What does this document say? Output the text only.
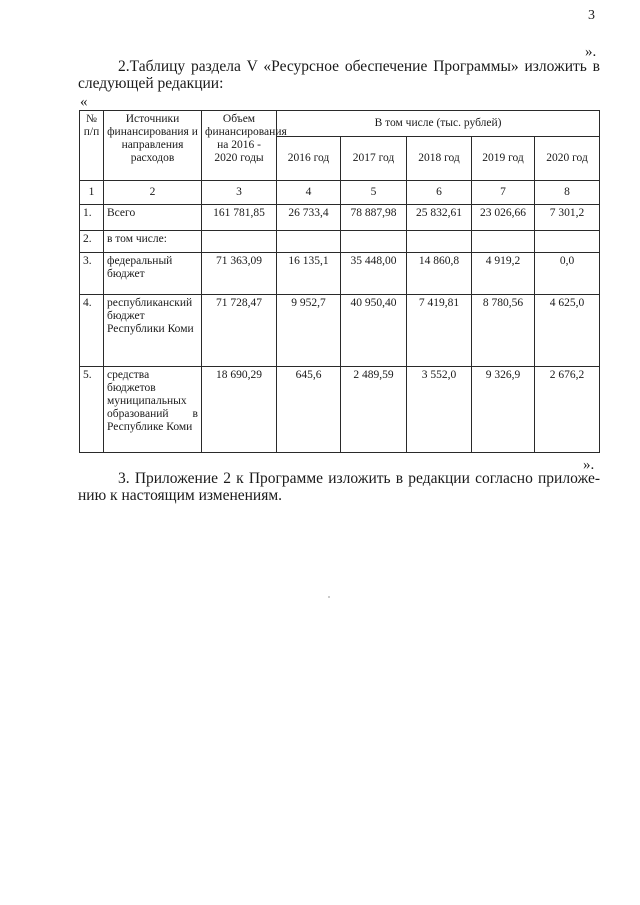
3
».
2.Таблицу раздела V «Ресурсное обеспечение Программы» изложить в
следующей редакции:
«
№ п/п	Источники финансирования и направления расходов	Объем финансирования на 2016 - 2020 годы	В том числе (тыс. рублей)				
			2016 год	2017 год	2018 год	2019 год	2020 год
1	2	3	4	5	6	7	8
1.	Всего	161 781,85	26 733,4	78 887,98	25 832,61	23 026,66	7 301,2
2.	в том числе:						
3.	федеральный бюджет	71 363,09	16 135,1	35 448,00	14 860,8	4 919,2	0,0
4.	республиканский бюджет Республики Коми	71 728,47	9 952,7	40 950,40	7 419,81	8 780,56	4 625,0
5.	средства бюджетов муниципальных образований в Республике Коми	18 690,29	645,6	2 489,59	3 552,0	9 326,9	2 676,2
».
3. Приложение 2 к Программе изложить в редакции согласно приложе-
нию к настоящим изменениям.
